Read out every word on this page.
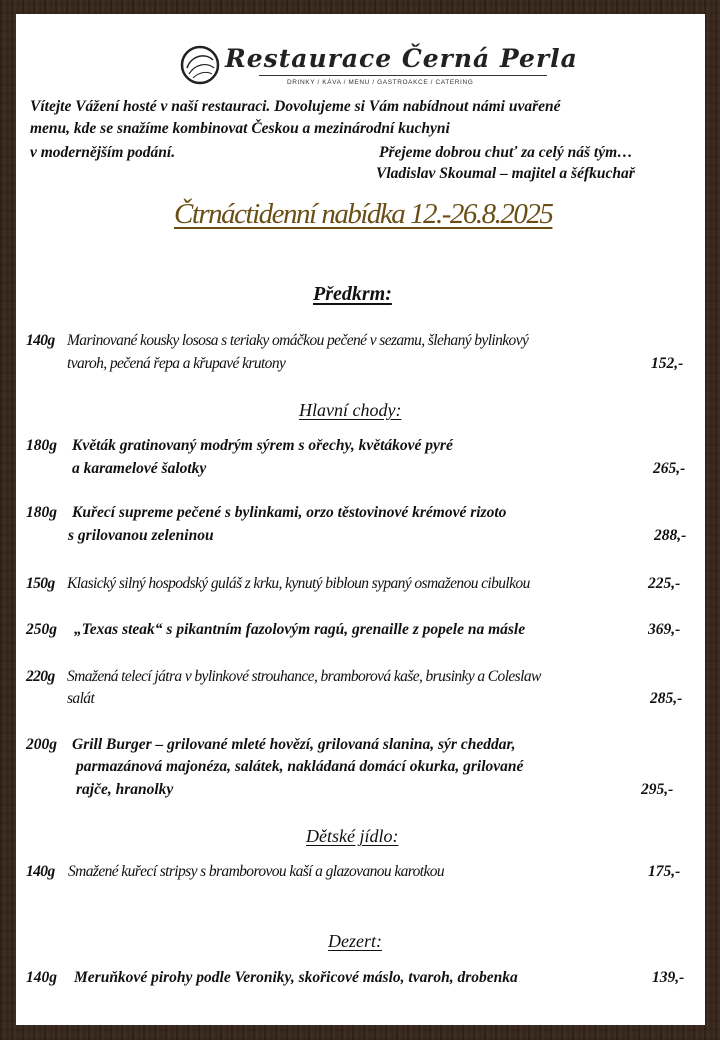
Restaurace Černá Perla
DRINKY / KÁVA / MENU / GASTROAKCE / CATERING
Vítejte Vážení hosté v naší restauraci. Dovolujeme si Vám nabídnout námi uvařené
menu, kde se snažíme kombinovat Českou a mezinárodní kuchyni
v modernějším podání.	Přejeme dobrou chuť za celý náš tým…
Vladislav Skoumal – majitel a šéfkuchař
Čtrnáctidenní nabídka 12.-26.8.2025
Předkrm:
140g Marinované kousky lososa s teriaky omáčkou pečené v sezamu, šlehaný bylinkový
tvaroh, pečená řepa a křupavé krutony	152,-
Hlavní chody:
180g Květák gratinovaný modrým sýrem s ořechy, květákové pyré
a karamelové šalotky	265,-
180g Kuřecí supreme pečené s bylinkami, orzo těstovinové krémové rizoto
s grilovanou zeleninou	288,-
150g Klasický silný hospodský guláš z krku, kynutý bibloun sypaný osmaženou cibulkou	225,-
250g „Texas steak“ s pikantním fazolovým ragú, grenaille z popele na másle	369,-
220g Smažená telecí játra v bylinkové strouhance, bramborová kaše, brusinky a Coleslaw
salát	285,-
200g Grill Burger – grilované mleté hovězí, grilovaná slanina, sýr cheddar,
parmazánová majonéza, salátek, nakládaná domácí okurka, grilované
rajče, hranolky	295,-
Dětské jídlo:
140g Smažené kuřecí stripsy s bramborovou kaší a glazovanou karotkou	175,-
Dezert:
140g Meruňkové pirohy podle Veroniky, skořicové máslo, tvaroh, drobenka	139,-
